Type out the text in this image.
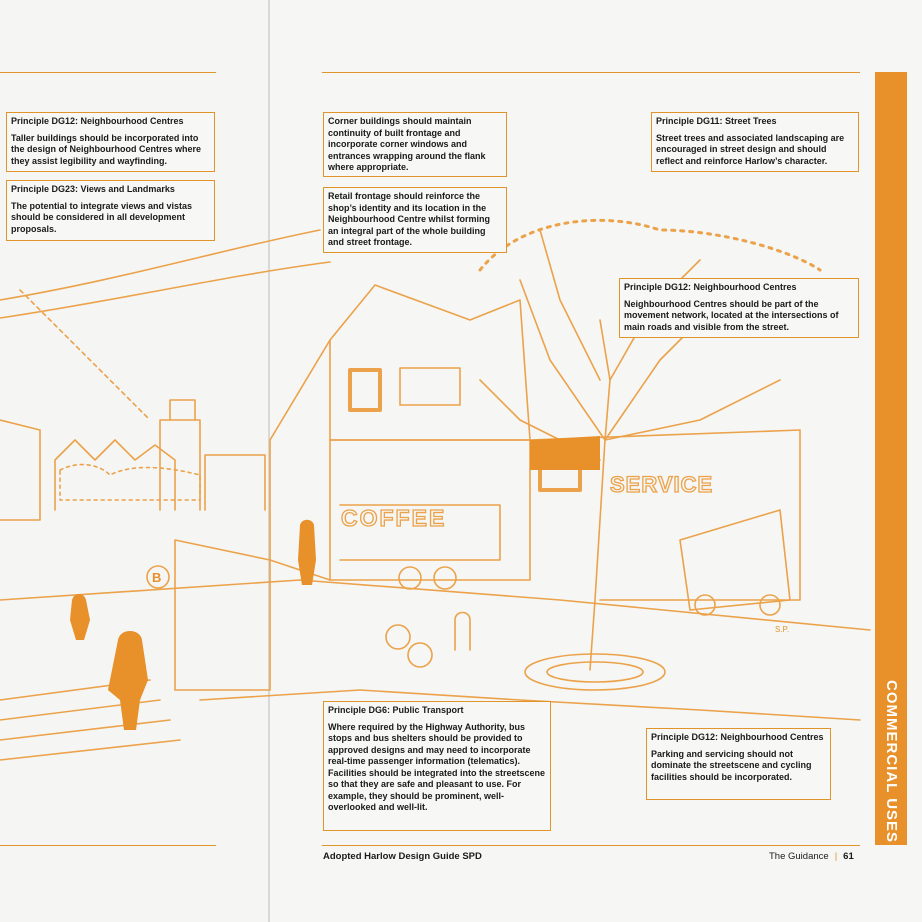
COFFEE
SERVICE
B
S.P.
Principle DG12: Neighbourhood Centres
Taller buildings should be incorporated into the design of Neighbourhood Centres where they assist legibility and wayfinding.
Principle DG23: Views and Landmarks
The potential to integrate views and vistas should be considered in all development proposals.
Corner buildings should maintain continuity of built frontage and incorporate corner windows and entrances wrapping around the flank where appropriate.
Retail frontage should reinforce the shop’s identity and its location in the Neighbourhood Centre whilst forming an integral part of the whole building and street frontage.
Principle DG11: Street Trees
Street trees and associated landscaping are encouraged in street design and should reflect and reinforce Harlow’s character.
Principle DG12: Neighbourhood Centres
Neighbourhood Centres should be part of the movement network, located at the intersections of main roads and visible from the street.
Principle DG6: Public Transport
Where required by the Highway Authority, bus stops and bus shelters should be provided to approved designs and may need to incorporate real-time passenger information (telematics). Facilities should be integrated into the streetscene so that they are safe and pleasant to use. For example, they should be prominent, well-overlooked and well-lit.
Principle DG12: Neighbourhood Centres
Parking and servicing should not dominate the streetscene and cycling facilities should be incorporated.	COMMERCIAL USES
Adopted Harlow Design Guide SPD	The Guidance | 61
